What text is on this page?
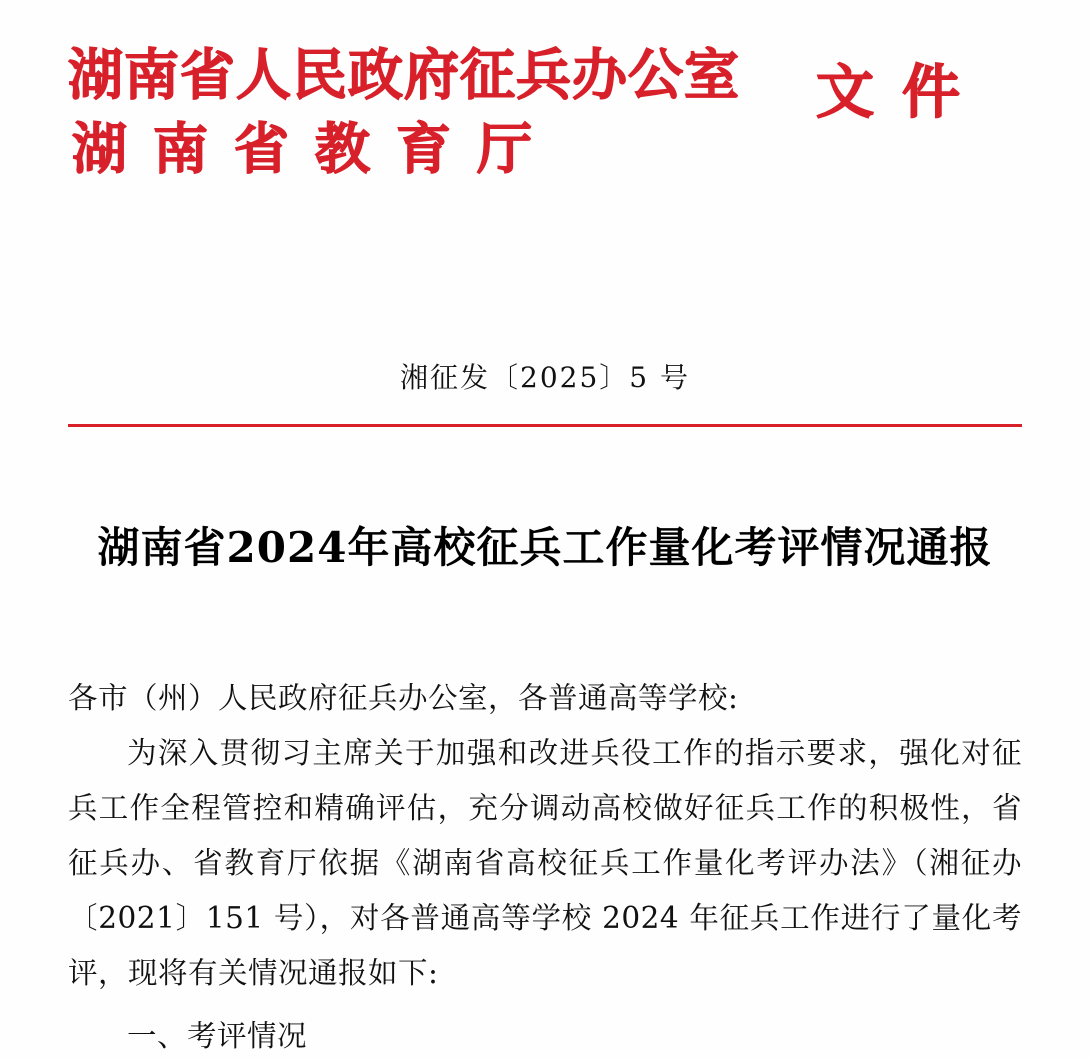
湖南省人民政府征兵办公室
湖南省教育厅
文件
湘征发〔2025〕5 号
湖南省2024年高校征兵工作量化考评情况通报

各市（州）人民政府征兵办公室，各普通高等学校:

为深入贯彻习主席关于加强和改进兵役工作的指示要求，强化对征兵工作全程管控和精确评估，充分调动高校做好征兵工作的积极性，省征兵办、省教育厅依据《湖南省高校征兵工作量化考评办法》（湘征办〔2021〕151 号），对各普通高等学校 2024 年征兵工作进行了量化考评，现将有关情况通报如下:

一、考评情况
